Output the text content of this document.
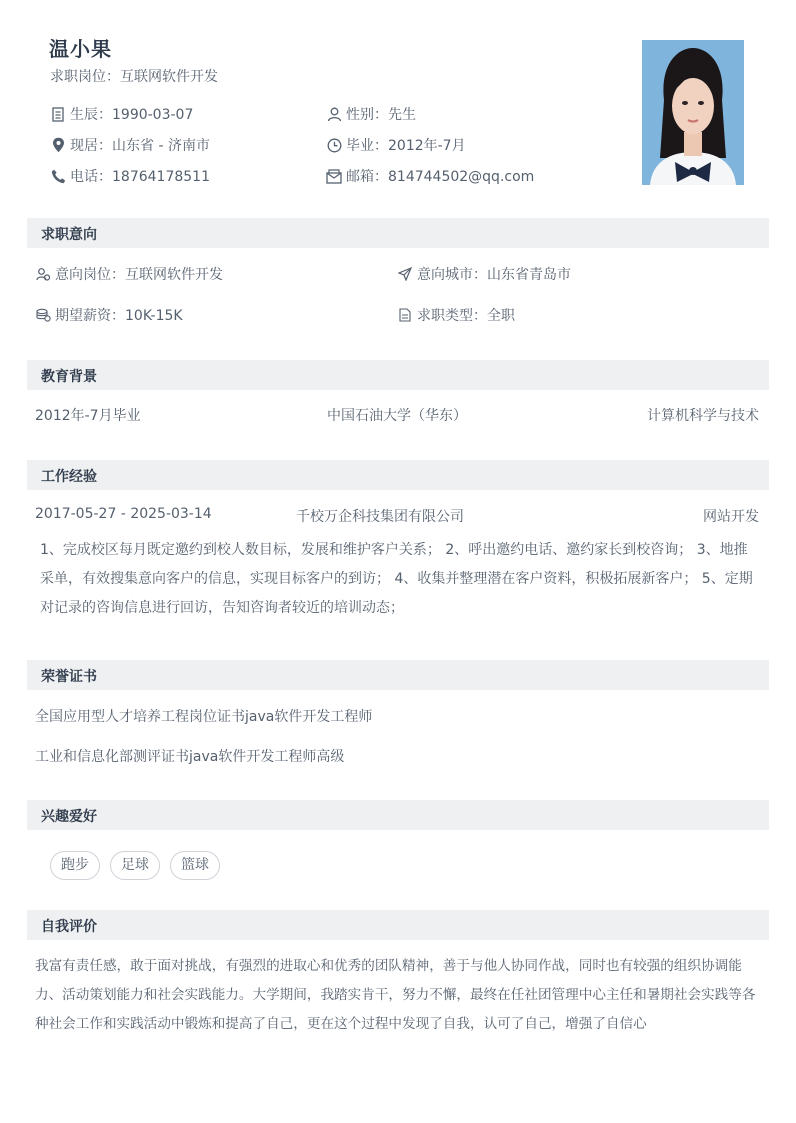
温小果
求职岗位：互联网软件开发
生辰：1990-03-07	性别：先生
现居：山东省 - 济南市	毕业：2012年-7月
电话：18764178511	邮箱：814744502@qq.com
求职意向
意向岗位：互联网软件开发	意向城市：山东省青岛市
期望薪资：10K-15K	求职类型：全职
教育背景
2012年-7月毕业	中国石油大学（华东）	计算机科学与技术
工作经验
2017-05-27 - 2025-03-14	千校万企科技集团有限公司	网站开发
1、完成校区每月既定邀约到校人数目标，发展和维护客户关系； 2、呼出邀约电话、邀约家长到校咨询； 3、地推采单，有效搜集意向客户的信息，实现目标客户的到访； 4、收集并整理潜在客户资料，积极拓展新客户； 5、定期对记录的咨询信息进行回访，告知咨询者较近的培训动态；
荣誉证书
全国应用型人才培养工程岗位证书java软件开发工程师
工业和信息化部测评证书java软件开发工程师高级
兴趣爱好
跑步	足球	篮球
自我评价
我富有责任感，敢于面对挑战，有强烈的进取心和优秀的团队精神，善于与他人协同作战，同时也有较强的组织协调能力、活动策划能力和社会实践能力。大学期间，我踏实肯干，努力不懈，最终在任社团管理中心主任和暑期社会实践等各种社会工作和实践活动中锻炼和提高了自己，更在这个过程中发现了自我，认可了自己，增强了自信心
